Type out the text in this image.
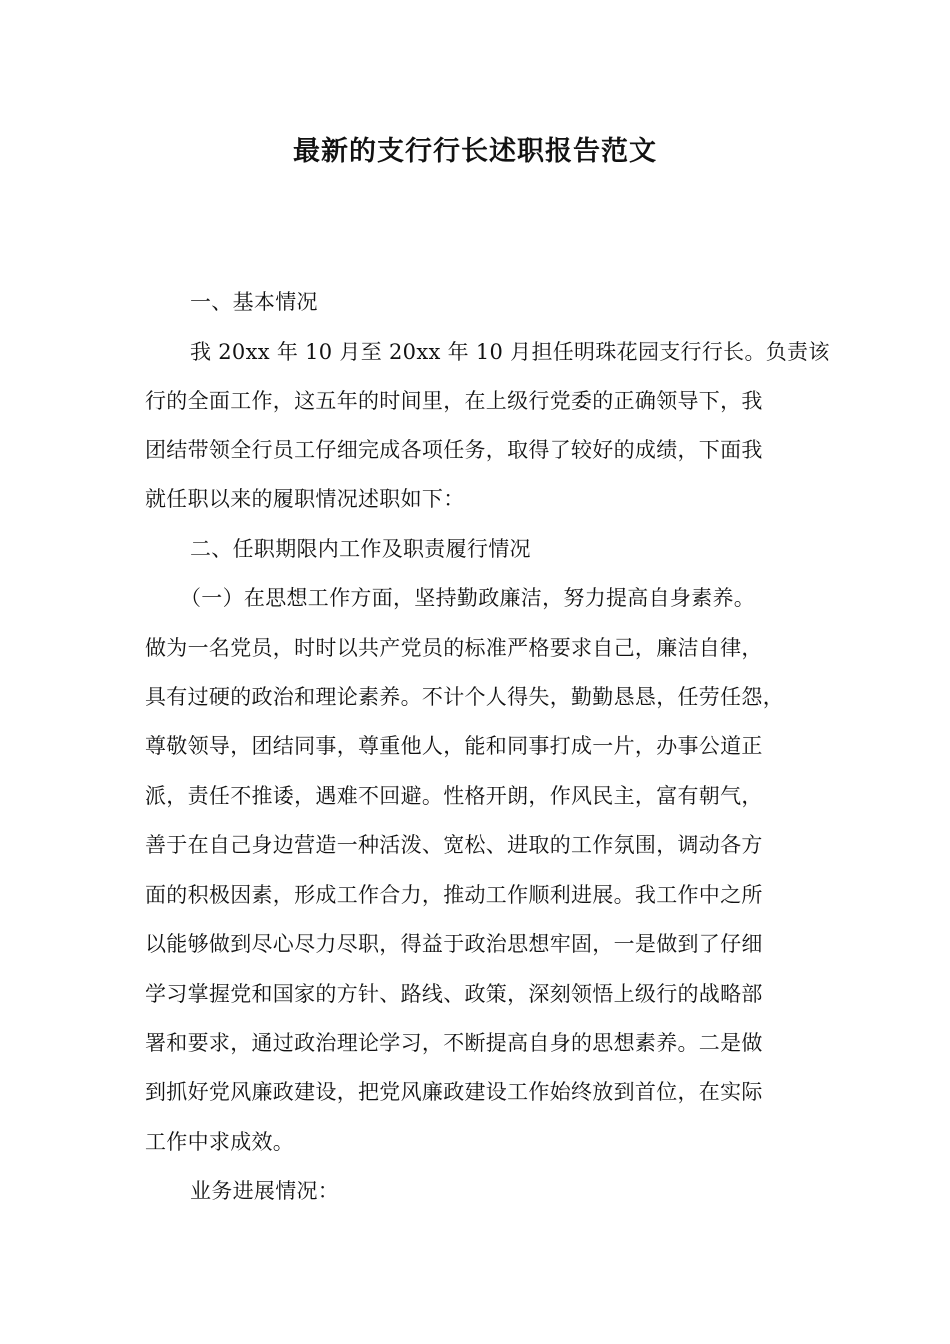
最新的支行行长述职报告范文
一、基本情况
我 20xx 年 10 月至 20xx 年 10 月担任明珠花园支行行长。负责该
行的全面工作，这五年的时间里，在上级行党委的正确领导下，我
团结带领全行员工仔细完成各项任务，取得了较好的成绩，下面我
就任职以来的履职情况述职如下：
二、任职期限内工作及职责履行情况
（一）在思想工作方面，坚持勤政廉洁，努力提高自身素养。
做为一名党员，时时以共产党员的标准严格要求自己，廉洁自律，
具有过硬的政治和理论素养。不计个人得失，勤勤恳恳，任劳任怨，
尊敬领导，团结同事，尊重他人，能和同事打成一片，办事公道正
派，责任不推诿，遇难不回避。性格开朗，作风民主，富有朝气，
善于在自己身边营造一种活泼、宽松、进取的工作氛围，调动各方
面的积极因素，形成工作合力，推动工作顺利进展。我工作中之所
以能够做到尽心尽力尽职，得益于政治思想牢固，一是做到了仔细
学习掌握党和国家的方针、路线、政策，深刻领悟上级行的战略部
署和要求，通过政治理论学习，不断提高自身的思想素养。二是做
到抓好党风廉政建设，把党风廉政建设工作始终放到首位，在实际
工作中求成效。
业务进展情况：
